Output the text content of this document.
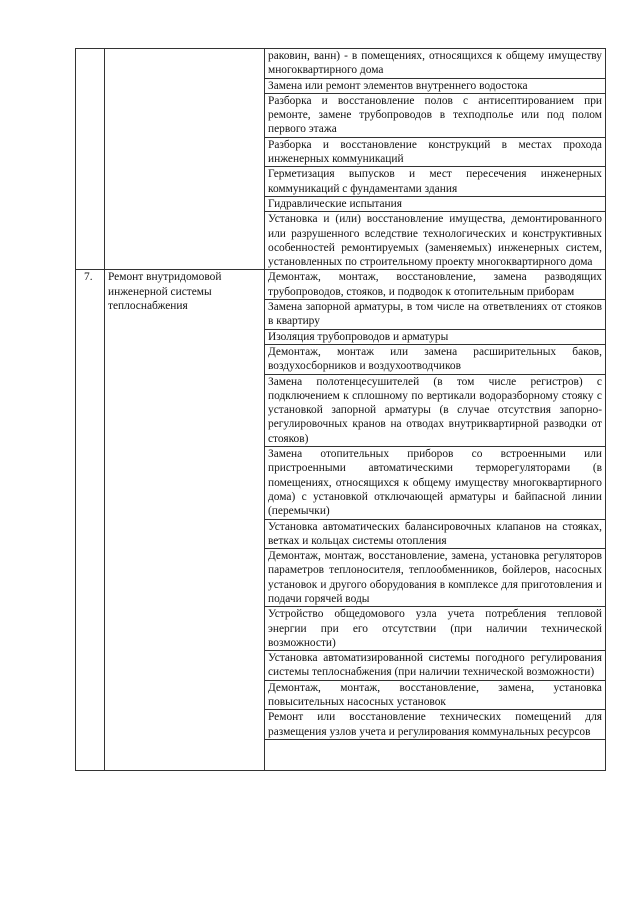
		раковин, ванн) - в помещениях, относящихся к общему имуществу многоквартирного дома
		Замена или ремонт элементов внутреннего водостока
		Разборка и восстановление полов с антисептированием при ремонте, замене трубопроводов в техподполье или под полом первого этажа
		Разборка и восстановление конструкций в местах прохода инженерных коммуникаций
		Герметизация выпусков и мест пересечения инженерных коммуникаций с фундаментами здания
		Гидравлические испытания
		Установка и (или) восстановление имущества, демонтированного или разрушенного вследствие технологических и конструктивных особенностей ремонтируемых (заменяемых) инженерных систем, установленных по строительному проекту многоквартирного дома
7.	Ремонт внутридомовой инженерной системы теплоснабжения	Демонтаж, монтаж, восстановление, замена разводящих трубопроводов, стояков, и подводок к отопительным приборам
		Замена запорной арматуры, в том числе на ответвлениях от стояков в квартиру
		Изоляция трубопроводов и арматуры
		Демонтаж, монтаж или замена расширительных баков, воздухосборников и воздухоотводчиков
		Замена полотенцесушителей (в том числе регистров) с подключением к сплошному по вертикали водоразборному стояку с установкой запорной арматуры (в случае отсутствия запорно-регулировочных кранов на отводах внутриквартирной разводки от стояков)
		Замена отопительных приборов со встроенными или пристроенными автоматическими терморегуляторами (в помещениях, относящихся к общему имуществу многоквартирного дома) с установкой отключающей арматуры и байпасной линии (перемычки)
		Установка автоматических балансировочных клапанов на стояках, ветках и кольцах системы отопления
		Демонтаж, монтаж, восстановление, замена, установка регуляторов параметров теплоносителя, теплообменников, бойлеров, насосных установок и другого оборудования в комплексе для приготовления и подачи горячей воды
		Устройство общедомового узла учета потребления тепловой энергии при его отсутствии (при наличии технической возможности)
		Установка автоматизированной системы погодного регулирования системы теплоснабжения (при наличии технической возможности)
		Демонтаж, монтаж, восстановление, замена, установка повысительных насосных установок
		Ремонт или восстановление технических помещений для размещения узлов учета и регулирования коммунальных ресурсов
